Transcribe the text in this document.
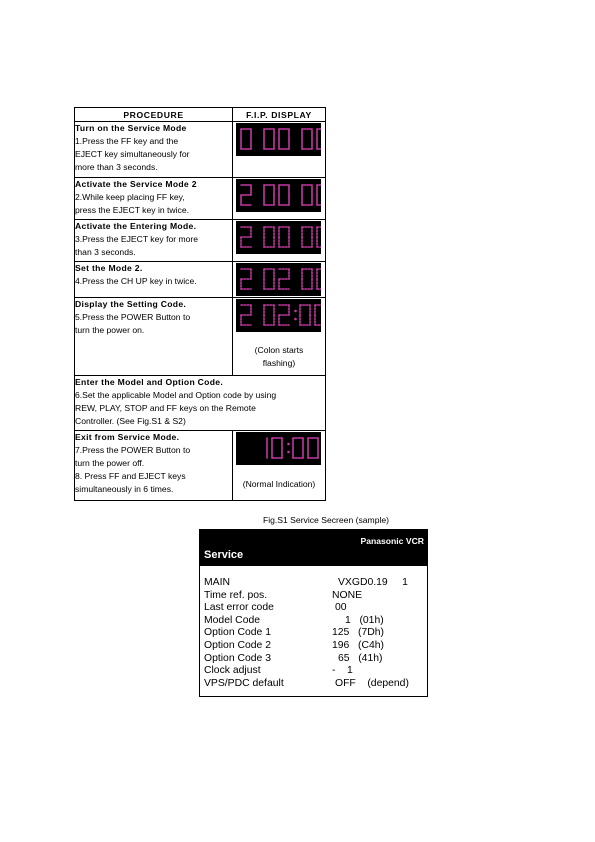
PROCEDURE	F.I.P. DISPLAY

Turn on the Service Mode
1.Press the FF key and the
EJECT key simultaneously for
more than 3 seconds.

Activate the Service Mode 2
2.While keep placing FF key,
press the EJECT key in twice.

Activate the Entering Mode.
3.Press the EJECT key for more
than 3 seconds.

Set the Mode 2.
4.Press the CH UP key in twice.

Display the Setting Code.
5.Press the POWER Button to
turn the power on.	(Colon starts
flashing)

Enter the Model and Option Code.
6.Set the applicable Model and Option code by using
REW, PLAY, STOP and FF keys on the Remote
Controller. (See Fig.S1 & S2)	

Exit from Service Mode.
7.Press the POWER Button to
turn the power off.
8. Press FF and EJECT keys
simultaneously in 6 times.	(Normal Indication)
Fig.S1 Service Secreen (sample)
Panasonic VCR
Service
MAIN	VXGD0.19     1
Time ref. pos.	NONE
Last error code	00
Model Code	1   (01h)
Option Code 1	125   (7Dh)
Option Code 2	196   (C4h)
Option Code 3	65   (41h)
Clock adjust	-    1
VPS/PDC default	OFF    (depend)
